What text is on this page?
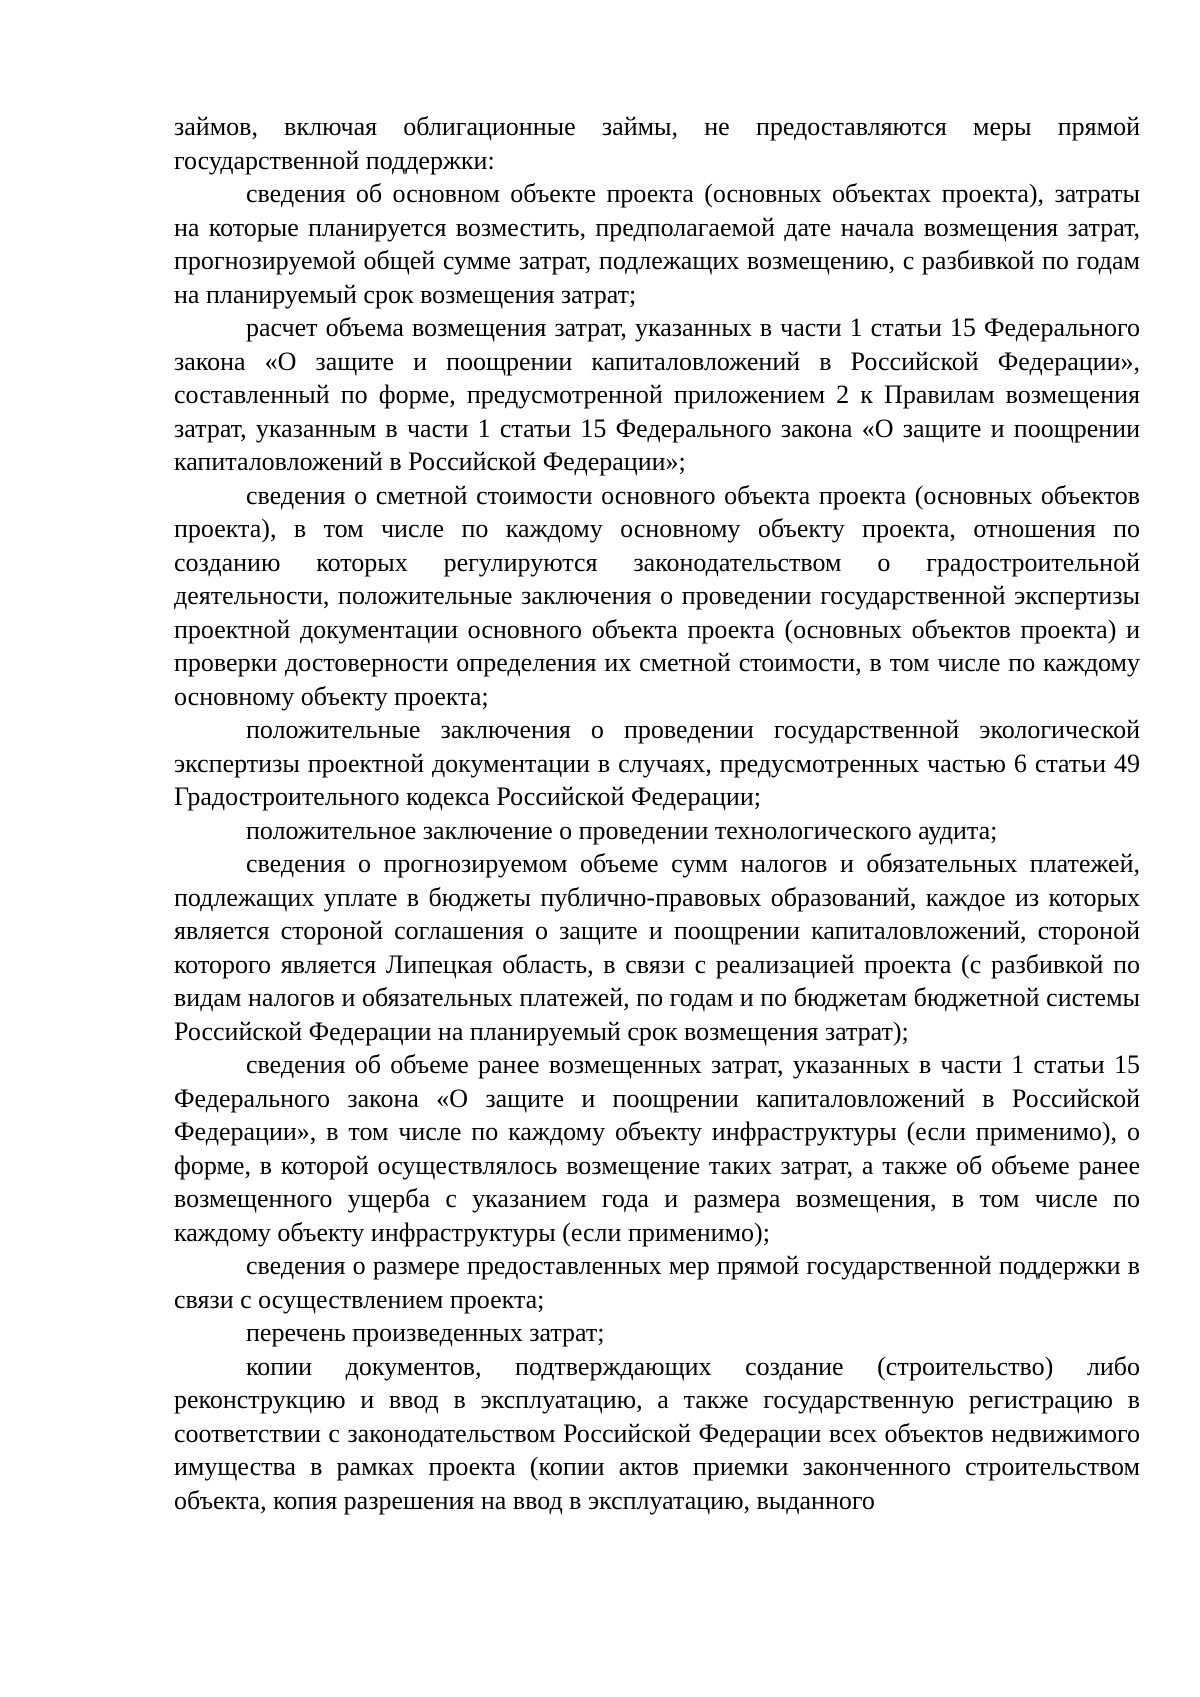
займов, включая облигационные займы, не предоставляются меры прямой государственной поддержки:

сведения об основном объекте проекта (основных объектах проекта), затраты на которые планируется возместить, предполагаемой дате начала возмещения затрат, прогнозируемой общей сумме затрат, подлежащих возмещению, с разбивкой по годам на планируемый срок возмещения затрат;

расчет объема возмещения затрат, указанных в части 1 статьи 15 Федерального закона «О защите и поощрении капиталовложений в Российской Федерации», составленный по форме, предусмотренной приложением 2 к Правилам возмещения затрат, указанным в части 1 статьи 15 Федерального закона «О защите и поощрении капиталовложений в Российской Федерации»;

сведения о сметной стоимости основного объекта проекта (основных объектов проекта), в том числе по каждому основному объекту проекта, отношения по созданию которых регулируются законодательством о градостроительной деятельности, положительные заключения о проведении государственной экспертизы проектной документации основного объекта проекта (основных объектов проекта) и проверки достоверности определения их сметной стоимости, в том числе по каждому основному объекту проекта;

положительные заключения о проведении государственной экологической экспертизы проектной документации в случаях, предусмотренных частью 6 статьи 49 Градостроительного кодекса Российской Федерации;

положительное заключение о проведении технологического аудита;

сведения о прогнозируемом объеме сумм налогов и обязательных платежей, подлежащих уплате в бюджеты публично-правовых образований, каждое из которых является стороной соглашения о защите и поощрении капиталовложений, стороной которого является Липецкая область, в связи с реализацией проекта (с разбивкой по видам налогов и обязательных платежей, по годам и по бюджетам бюджетной системы Российской Федерации на планируемый срок возмещения затрат);

сведения об объеме ранее возмещенных затрат, указанных в части 1 статьи 15 Федерального закона «О защите и поощрении капиталовложений в Российской Федерации», в том числе по каждому объекту инфраструктуры (если применимо), о форме, в которой осуществлялось возмещение таких затрат, а также об объеме ранее возмещенного ущерба с указанием года и размера возмещения, в том числе по каждому объекту инфраструктуры (если применимо);

сведения о размере предоставленных мер прямой государственной поддержки в связи с осуществлением проекта;

перечень произведенных затрат;

копии документов, подтверждающих создание (строительство) либо реконструкцию и ввод в эксплуатацию, а также государственную регистрацию в соответствии с законодательством Российской Федерации всех объектов недвижимого имущества в рамках проекта (копии актов приемки законченного строительством объекта, копия разрешения на ввод в эксплуатацию, выданного
